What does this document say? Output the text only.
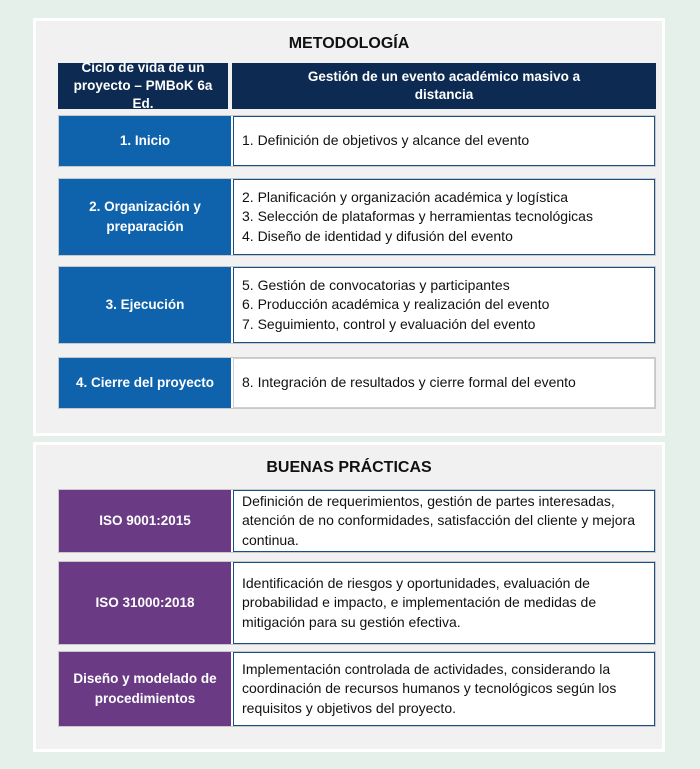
METODOLOGÍA
Ciclo de vida de un proyecto – PMBoK 6a Ed.
Gestión de un evento académico masivo a distancia
1. Inicio	1. Definición de objetivos y alcance del evento
2. Organización y preparación
2. Planificación y organización académica y logística
3. Selección de plataformas y herramientas tecnológicas
4. Diseño de identidad y difusión del evento
3. Ejecución
5. Gestión de convocatorias y participantes
6. Producción académica y realización del evento
7. Seguimiento, control y evaluación del evento
4. Cierre del proyecto	8. Integración de resultados y cierre formal del evento
BUENAS PRÁCTICAS
ISO 9001:2015
Definición de requerimientos, gestión de partes interesadas, atención de no conformidades, satisfacción del cliente y mejora continua.
ISO 31000:2018
Identificación de riesgos y oportunidades, evaluación de probabilidad e impacto, e implementación de medidas de mitigación para su gestión efectiva.
Diseño y modelado de procedimientos
Implementación controlada de actividades, considerando la coordinación de recursos humanos y tecnológicos según los requisitos y objetivos del proyecto.
